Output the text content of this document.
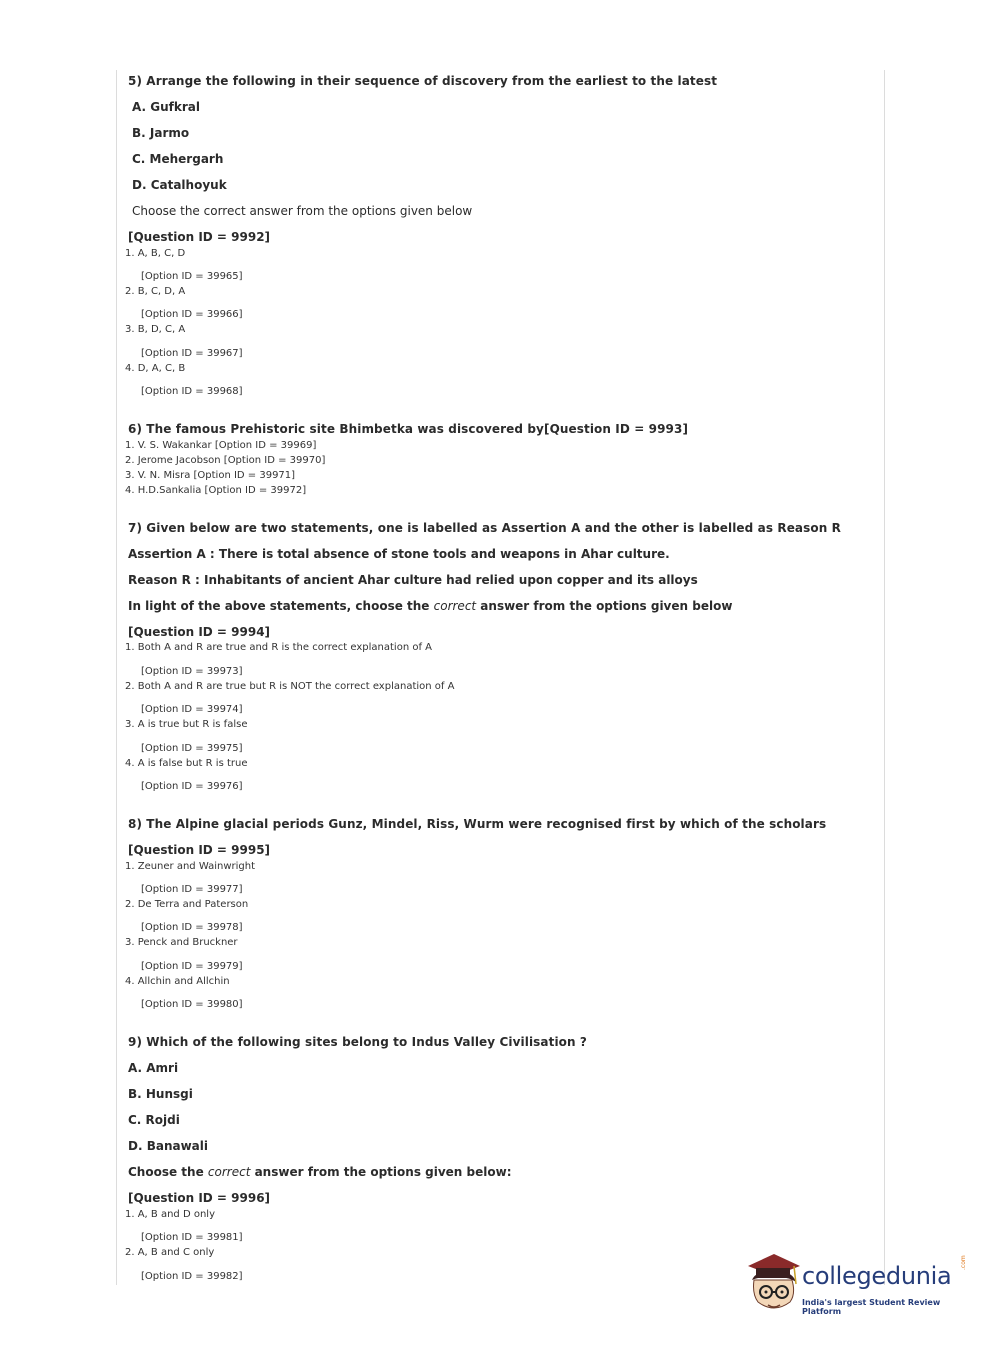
5) Arrange the following in their sequence of discovery from the earliest to the latest
A. Gufkral
B. Jarmo
C. Mehergarh
D. Catalhoyuk
Choose the correct answer from the options given below
[Question ID = 9992]
1. A, B, C, D
[Option ID = 39965]
2. B, C, D, A
[Option ID = 39966]
3. B, D, C, A
[Option ID = 39967]
4. D, A, C, B
[Option ID = 39968]
6) The famous Prehistoric site Bhimbetka was discovered by[Question ID = 9993]
1. V. S. Wakankar [Option ID = 39969]
2. Jerome Jacobson [Option ID = 39970]
3. V. N. Misra [Option ID = 39971]
4. H.D.Sankalia [Option ID = 39972]
7) Given below are two statements, one is labelled as Assertion A and the other is labelled as Reason R
Assertion A : There is total absence of stone tools and weapons in Ahar culture.
Reason R : Inhabitants of ancient Ahar culture had relied upon copper and its alloys
In light of the above statements, choose the correct answer from the options given below
[Question ID = 9994]
1. Both A and R are true and R is the correct explanation of A
[Option ID = 39973]
2. Both A and R are true but R is NOT the correct explanation of A
[Option ID = 39974]
3. A is true but R is false
[Option ID = 39975]
4. A is false but R is true
[Option ID = 39976]
8) The Alpine glacial periods Gunz, Mindel, Riss, Wurm were recognised first by which of the scholars
[Question ID = 9995]
1. Zeuner and Wainwright
[Option ID = 39977]
2. De Terra and Paterson
[Option ID = 39978]
3. Penck and Bruckner
[Option ID = 39979]
4. Allchin and Allchin
[Option ID = 39980]
9) Which of the following sites belong to Indus Valley Civilisation ?
A. Amri
B. Hunsgi
C. Rojdi
D. Banawali
Choose the correct answer from the options given below:
[Question ID = 9996]
1. A, B and D only
[Option ID = 39981]
2. A, B and C only
[Option ID = 39982]	collegedunia .com
India's largest Student Review Platform
